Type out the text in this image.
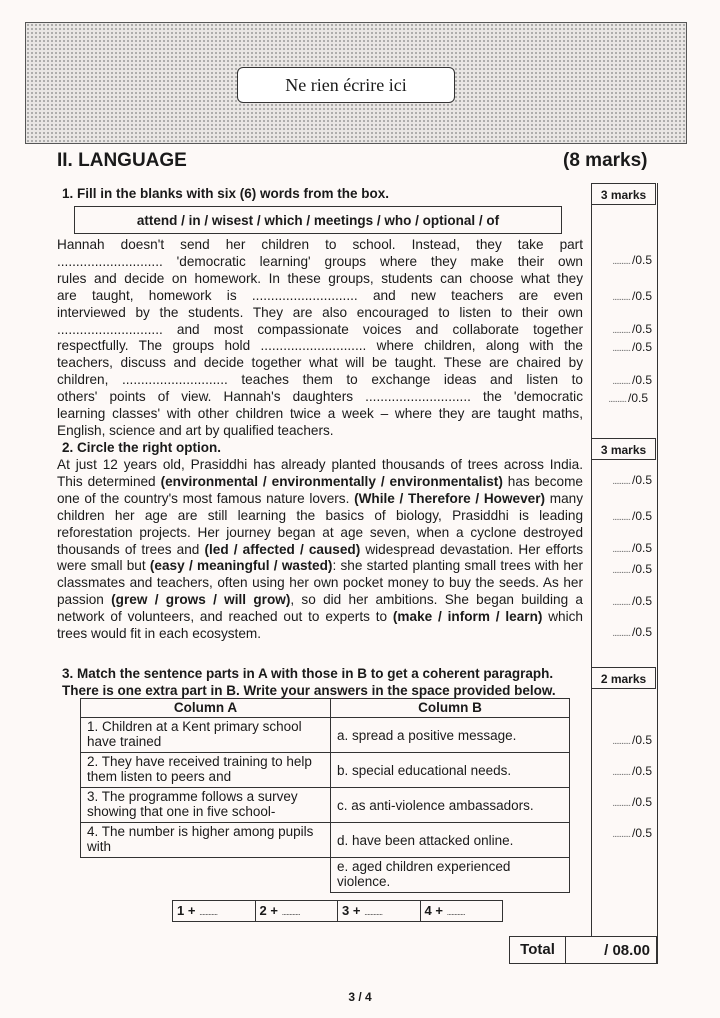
Ne rien écrire ici
II. LANGUAGE	(8 marks)
3 marks
3 marks
2 marks
1. Fill in the blanks with six (6) words from the box.
attend / in / wisest / which / meetings / who / optional / of
Hannah doesn't send her children to school. Instead, they take part
............................ 'democratic learning' groups where they make their own
rules and decide on homework. In these groups, students can choose what they
are taught, homework is ............................ and new teachers are even
interviewed by the students. They are also encouraged to listen to their own
............................ and most compassionate voices and collaborate together
respectfully. The groups hold ............................ where children, along with the
teachers, discuss and decide together what will be taught. These are chaired by
children, ............................ teaches them to exchange ideas and listen to
others' points of view. Hannah's daughters ............................ the 'democratic
learning classes' with other children twice a week – where they are taught maths,
English, science and art by qualified teachers.
2. Circle the right option.
At just 12 years old, Prasiddhi has already planted thousands of trees across India. This determined (environmental / environmentally / environmentalist) has become one of the country's most famous nature lovers. (While / Therefore / However) many children her age are still learning the basics of biology, Prasiddhi is leading reforestation projects. Her journey began at age seven, when a cyclone destroyed thousands of trees and (led / affected / caused) widespread devastation. Her efforts were small but (easy / meaningful / wasted): she started planting small trees with her classmates and teachers, often using her own pocket money to buy the seeds. As her passion (grew / grows / will grow), so did her ambitions. She began building a network of volunteers, and reached out to experts to (make / inform / learn) which trees would fit in each ecosystem.
3. Match the sentence parts in A with those in B to get a coherent paragraph.
There is one extra part in B. Write your answers in the space provided below.
Column A	Column B
1. Children at a Kent primary school have trained	a. spread a positive message.
2. They have received training to help them listen to peers and	b. special educational needs.
3. The programme follows a survey showing that one in five school-	c. as anti-violence ambassadors.
4. The number is higher among pupils with	d. have been attacked online.
	e. aged children experienced violence.
1 + ............	2 + ............	3 + ............	4 + ............
.......... /0.5
.......... /0.5
.......... /0.5
.......... /0.5
.......... /0.5
.......... /0.5
.......... /0.5
.......... /0.5
.......... /0.5
.......... /0.5
.......... /0.5
.......... /0.5
.......... /0.5
.......... /0.5
.......... /0.5
.......... /0.5
Total	/ 08.00
3 / 4
